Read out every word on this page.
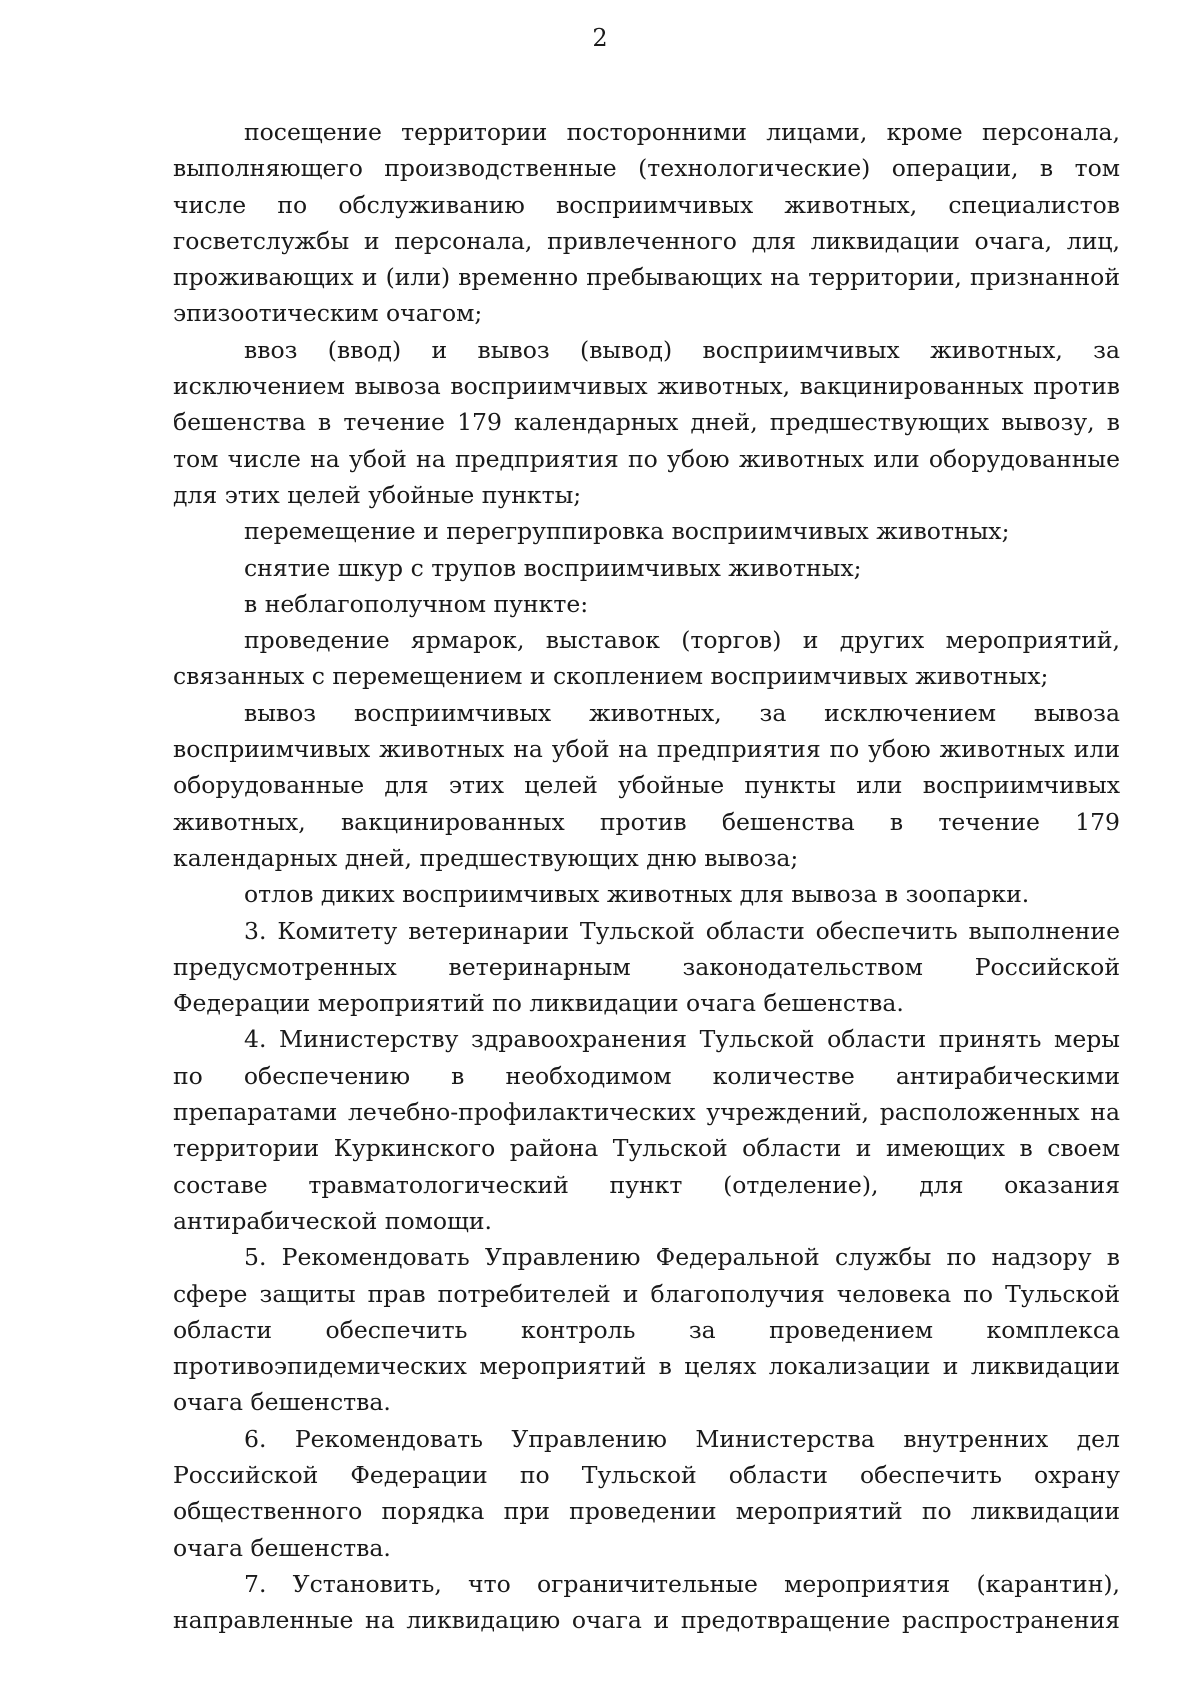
2

посещение территории посторонними лицами, кроме персонала, выполняющего производственные (технологические) операции, в том числе по обслуживанию восприимчивых животных, специалистов госветслужбы и персонала, привлеченного для ликвидации очага, лиц, проживающих и (или) временно пребывающих на территории, признанной эпизоотическим очагом;

ввоз (ввод) и вывоз (вывод) восприимчивых животных, за исключением вывоза восприимчивых животных, вакцинированных против бешенства в течение 179 календарных дней, предшествующих вывозу, в том числе на убой на предприятия по убою животных или оборудованные для этих целей убойные пункты;

перемещение и перегруппировка восприимчивых животных;

снятие шкур с трупов восприимчивых животных;

в неблагополучном пункте:

проведение ярмарок, выставок (торгов) и других мероприятий, связанных с перемещением и скоплением восприимчивых животных;

вывоз восприимчивых животных, за исключением вывоза восприимчивых животных на убой на предприятия по убою животных или оборудованные для этих целей убойные пункты или восприимчивых животных, вакцинированных против бешенства в течение 179 календарных дней, предшествующих дню вывоза;

отлов диких восприимчивых животных для вывоза в зоопарки.

3. Комитету ветеринарии Тульской области обеспечить выполнение предусмотренных ветеринарным законодательством Российской Федерации мероприятий по ликвидации очага бешенства.

4. Министерству здравоохранения Тульской области принять меры по обеспечению в необходимом количестве антирабическими препаратами лечебно-профилактических учреждений, расположенных на территории Куркинского района Тульской области и имеющих в своем составе травматологический пункт (отделение), для оказания антирабической помощи.

5. Рекомендовать Управлению Федеральной службы по надзору в сфере защиты прав потребителей и благополучия человека по Тульской области обеспечить контроль за проведением комплекса противоэпидемических мероприятий в целях локализации и ликвидации очага бешенства.

6. Рекомендовать Управлению Министерства внутренних дел Российской Федерации по Тульской области обеспечить охрану общественного порядка при проведении мероприятий по ликвидации очага бешенства.

7. Установить, что ограничительные мероприятия (карантин), направленные на ликвидацию очага и предотвращение распространения
